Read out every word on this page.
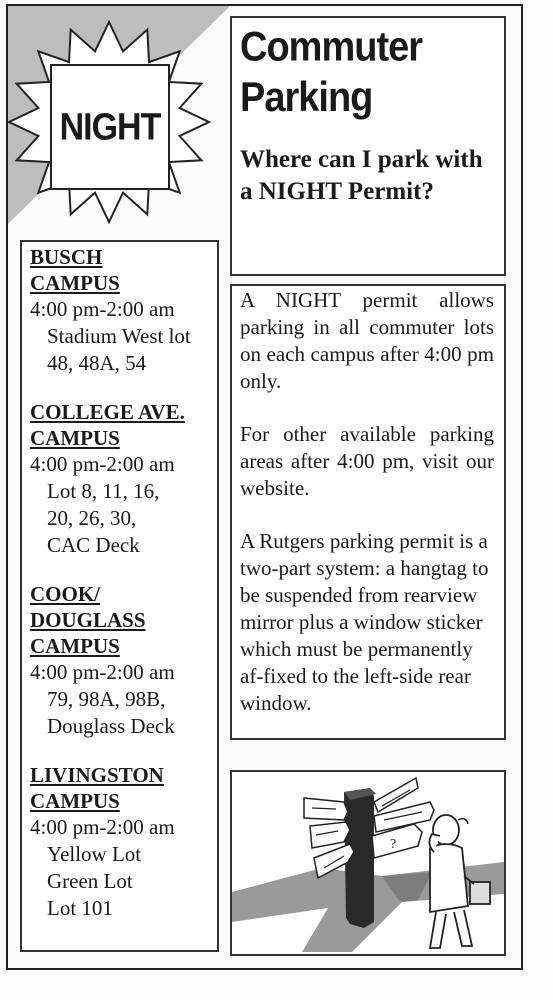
NIGHT
Commuter
Parking
Where can I park with a NIGHT Permit?
BUSCH
CAMPUS
4:00 pm-2:00 am
Stadium West lot
48, 48A, 54
COLLEGE AVE.
CAMPUS
4:00 pm-2:00 am
Lot 8, 11, 16,
20, 26, 30,
CAC Deck
COOK/
DOUGLASS
CAMPUS
4:00 pm-2:00 am
79, 98A, 98B,
Douglass Deck
LIVINGSTON
CAMPUS
4:00 pm-2:00 am
Yellow Lot
Green Lot
Lot 101

A NIGHT permit allows parking in all commuter lots on each campus after 4:00 pm only.

For other available parking areas after 4:00 pm, visit our website.

A Rutgers parking permit is a two-part system: a hangtag to be suspended from rearview mirror plus a window sticker which must be permanently af-fixed to the left-side rear window.

?
